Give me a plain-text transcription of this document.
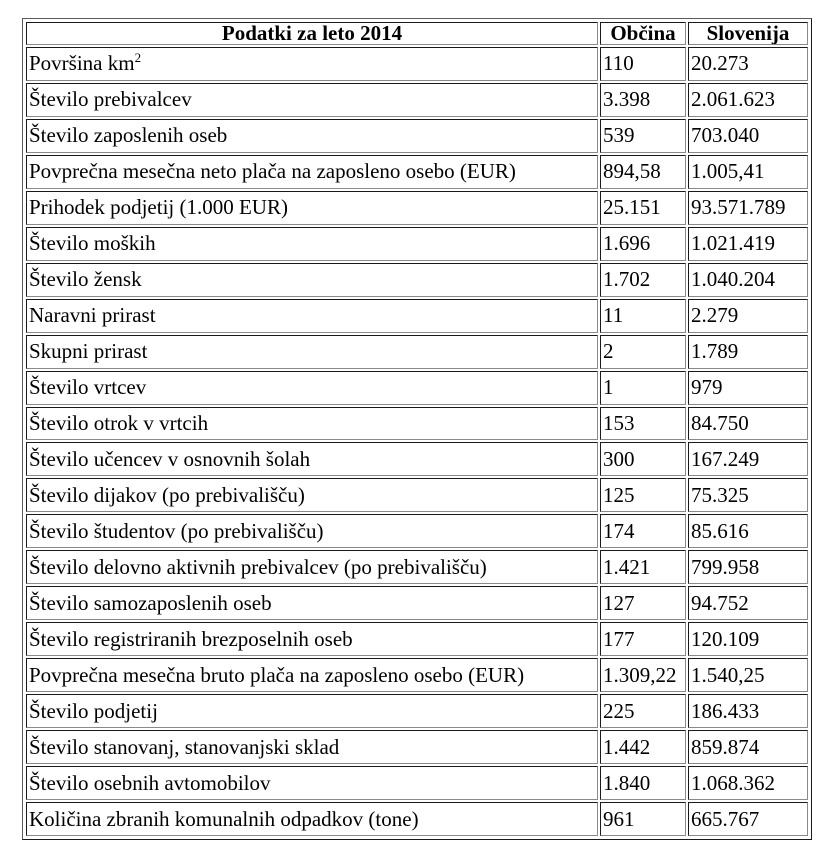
Podatki za leto 2014	Občina	Slovenija
Površina $km^2$	110	20.273
Število prebivalcev	3.398	2.061.623
Število zaposlenih oseb	539	703.040
Povprečna mesečna neto plača na zaposleno osebo (EUR)	894,58	1.005,41
Prihodek podjetij (1.000 EUR)	25.151	93.571.789
Število moških	1.696	1.021.419
Število žensk	1.702	1.040.204
Naravni prirast	11	2.279
Skupni prirast	2	1.789
Število vrtcev	1	979
Število otrok v vrtcih	153	84.750
Število učencev v osnovnih šolah	300	167.249
Število dijakov (po prebivališču)	125	75.325
Število študentov (po prebivališču)	174	85.616
Število delovno aktivnih prebivalcev (po prebivališču)	1.421	799.958
Število samozaposlenih oseb	127	94.752
Število registriranih brezposelnih oseb	177	120.109
Povprečna mesečna bruto plača na zaposleno osebo (EUR)	1.309,22	1.540,25
Število podjetij	225	186.433
Število stanovanj, stanovanjski sklad	1.442	859.874
Število osebnih avtomobilov	1.840	1.068.362
Količina zbranih komunalnih odpadkov (tone)	961	665.767
